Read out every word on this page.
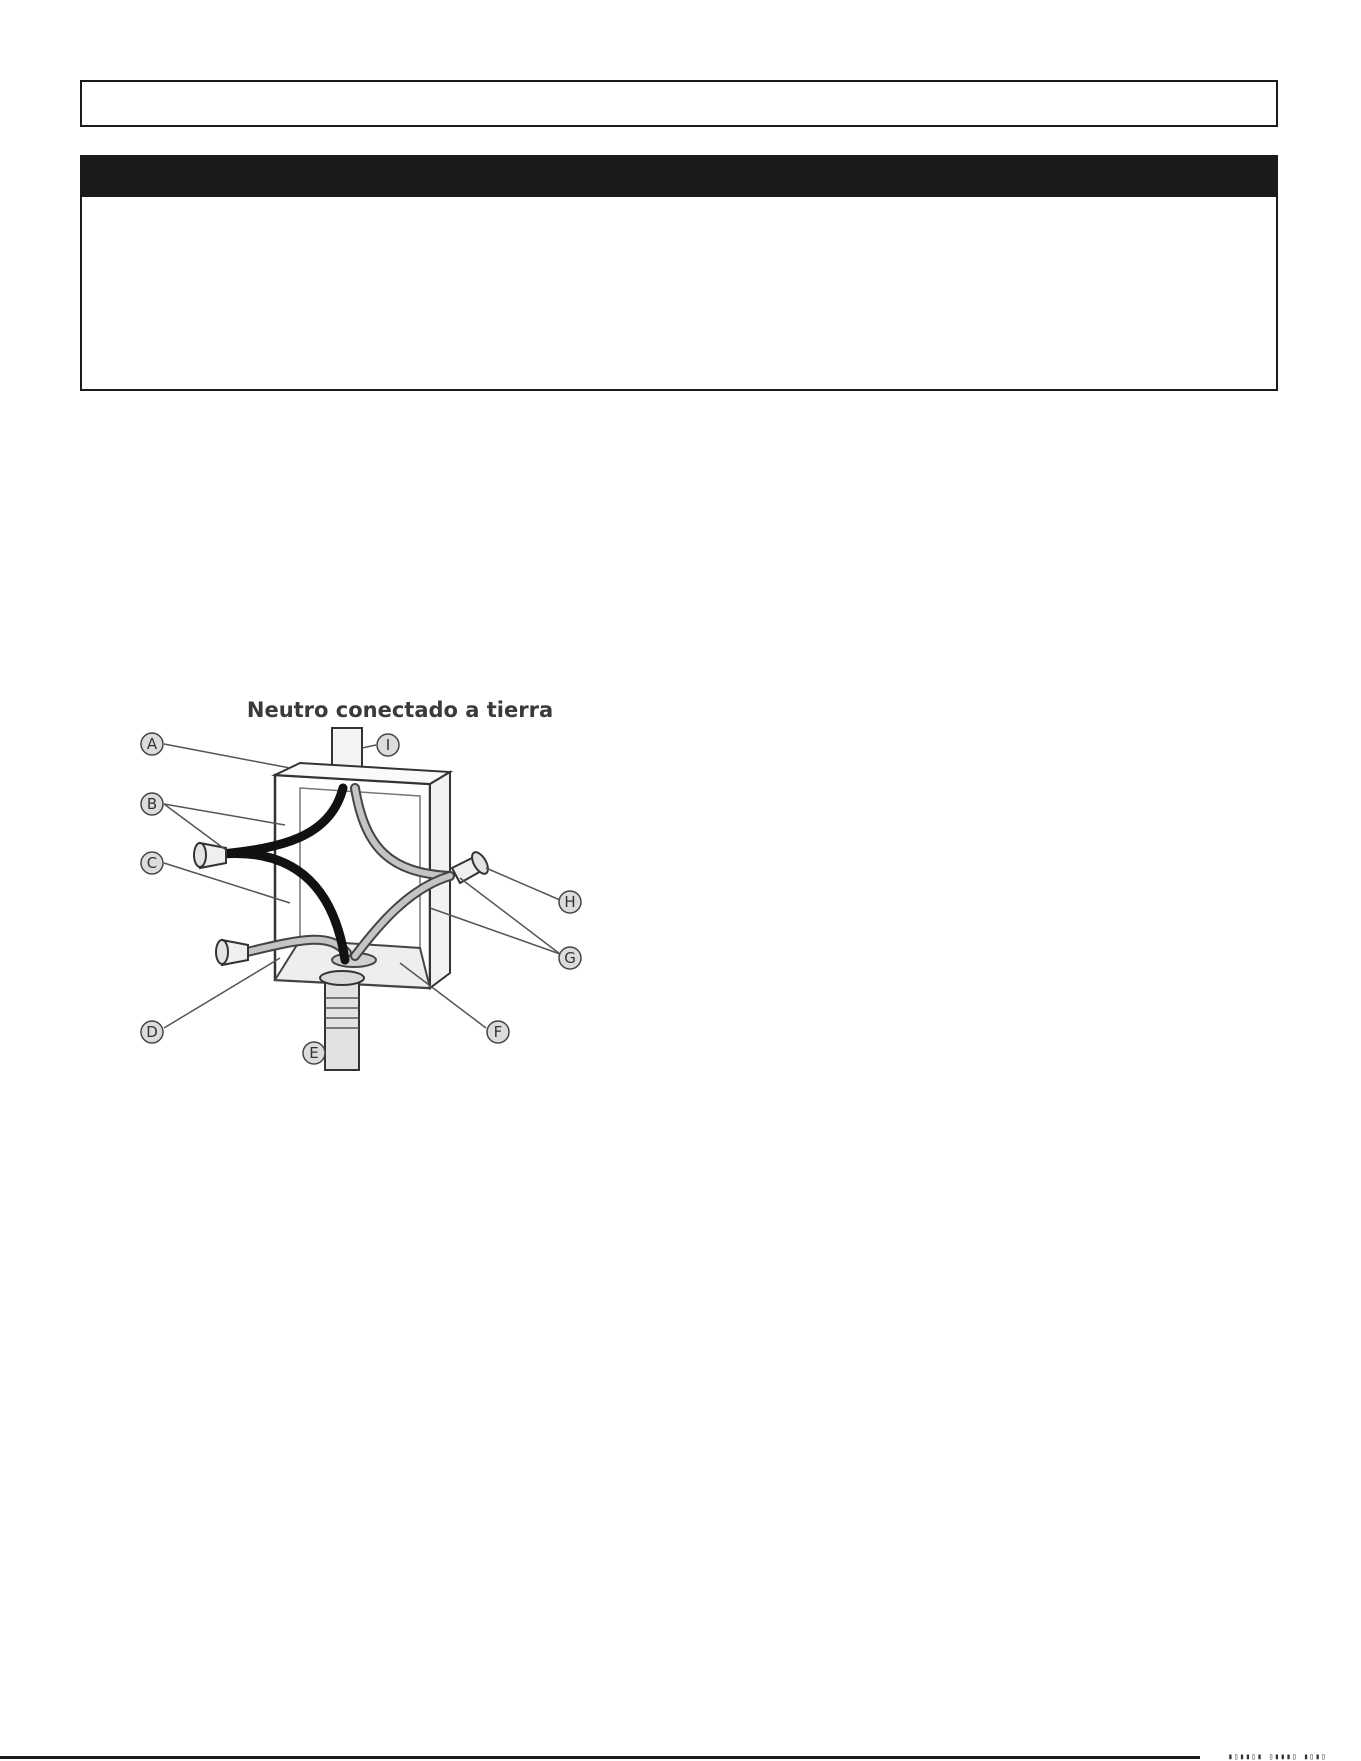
Neutro conectado a tierra
A
B
C
D
E
F
G
H
I
▮▯▮▮▯▮ ▯▮▮▮▯ ▮▯▮▯
